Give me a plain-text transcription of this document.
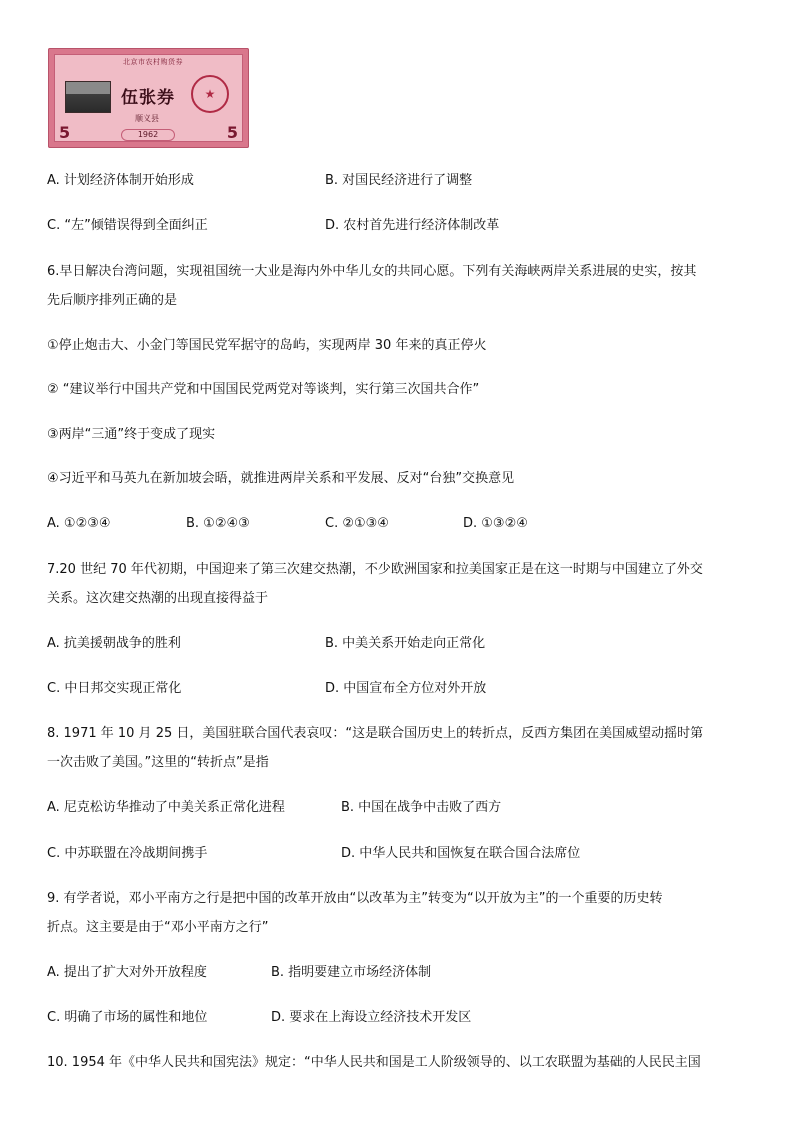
北京市农村购货券
伍张券	★
顺义县
1962
5	5
A. 计划经济体制开始形成	B. 对国民经济进行了调整
C. “左”倾错误得到全面纠正	D. 农村首先进行经济体制改革
6.早日解决台湾问题，实现祖国统一大业是海内外中华儿女的共同心愿。下列有关海峡两岸关系进展的史实，按其
先后顺序排列正确的是
①停止炮击大、小金门等国民党军据守的岛屿，实现两岸 30 年来的真正停火
② “建议举行中国共产党和中国国民党两党对等谈判，实行第三次国共合作”
③两岸“三通”终于变成了现实
④习近平和马英九在新加坡会晤，就推进两岸关系和平发展、反对“台独”交换意见
A. ①②③④	B. ①②④③	C. ②①③④	D. ①③②④
7.20 世纪 70 年代初期，中国迎来了第三次建交热潮，不少欧洲国家和拉美国家正是在这一时期与中国建立了外交
关系。这次建交热潮的出现直接得益于
A. 抗美援朝战争的胜利	B. 中美关系开始走向正常化
C. 中日邦交实现正常化	D. 中国宣布全方位对外开放
8. 1971 年 10 月 25 日，美国驻联合国代表哀叹：“这是联合国历史上的转折点，反西方集团在美国威望动摇时第
一次击败了美国。”这里的“转折点”是指
A. 尼克松访华推动了中美关系正常化进程	B. 中国在战争中击败了西方
C. 中苏联盟在冷战期间携手	D. 中华人民共和国恢复在联合国合法席位
9. 有学者说，邓小平南方之行是把中国的改革开放由“以改革为主”转变为“以开放为主”的一个重要的历史转
折点。这主要是由于“邓小平南方之行”
A. 提出了扩大对外开放程度	B. 指明要建立市场经济体制
C. 明确了市场的属性和地位	D. 要求在上海设立经济技术开发区
10. 1954 年《中华人民共和国宪法》规定：“中华人民共和国是工人阶级领导的、以工农联盟为基础的人民民主国
